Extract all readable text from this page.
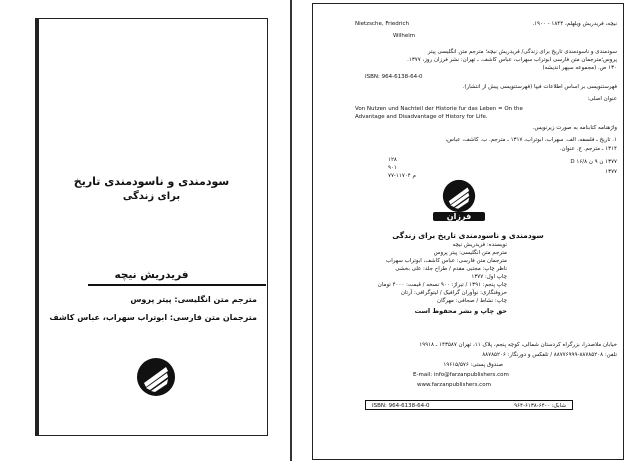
سودمندی و ناسودمندی تاریخ
برای زندگی
فریدریش نیچه
مترجم متن انگلیسی: پیتر پروس
مترجمان متن فارسی: ابوتراب سهراب، عباس کاشف
Nietzsche, Friedrich
Wilhelm
نیچه، فریدریش ویلهلم، ۱۸۴۴ - ۱۹۰۰.
سودمندی و ناسودمندی تاریخ برای زندگی/ فریدریش نیچه؛ مترجم متن انگلیسی پیتر
پروس؛مترجمان متن فارسی ابوتراب سهراب، عباس کاشف. ـ تهران: نشر فرزان روز، ۱۳۷۷.
۱۳۰ ص. (مجموعه سپهر اندیشه)
ISBN: 964-6138-64-0
فهرستنویسی بر اساس اطلاعات فیپا (فهرستنویسی پیش از انتشار).
عنوان اصلی:
Von Nutzen und Nachteil der Historie fur das Leben = On the
Advantage and Disadvantage of History for Life.
واژهنامه کتابنامه به صورت زیرنویس.
۱. تاریخ ـ فلسفه. الف. سهراب، ابوتراب، ۱۳۱۷ ـ مترجم. ب. کاشف، عباس،
۱۳۱۴ ـ مترجم. ج. عنوان.
۱۲۸
۹۰۱
م ۱۱۷۰۴-۷۷
۱۳۷۷ ن ۹ ن D ۱۶/۸
۱۳۷۷
فرزان
سودمندی و ناسودمندی تاریخ برای زندگی
نویسنده: فریدریش نیچه
مترجم متن انگلیسی: پیتر پروس
مترجمان متن فارسی: عباس کاشف، ابوتراب سهراب
ناظر چاپ: مجتبی مقدم / طراح جلد: علی بخشی
چاپ اول: ۱۳۷۷
چاپ پنجم: ۱۳۹۱ / تیراژ: ۹۰۰ نسخه / قیمت: ۴۰۰۰ تومان
حروفنگاری: نوآوران گرافیک / لیتوگرافی: آرتان
چاپ: نشاط / صحافی: مهرگان
حق چاپ و نشر محفوظ است
خیابان ملاصدرا، بزرگراه کردستان شمالی، کوچه پنجم، پلاک ۱۱، تهران ۱۴۳۵۸۷ ـ ۱۹۹۱۸
تلفن: ۸۸۷۸۵۲۰۸-۸۸۷۷۶۹۹۹ / تلفکس و دورنگار: ۸۸۷۸۵۲۰۶
صندوق پستی: ۱۹۶۱۵/۵۷۶
E-mail: info@farzanpublishers.com
www.farzanpublishers.com
ISBN: 964-6138-64-0	شابک: ۰-۶۴-۶۱۳۸-۹۶۴
